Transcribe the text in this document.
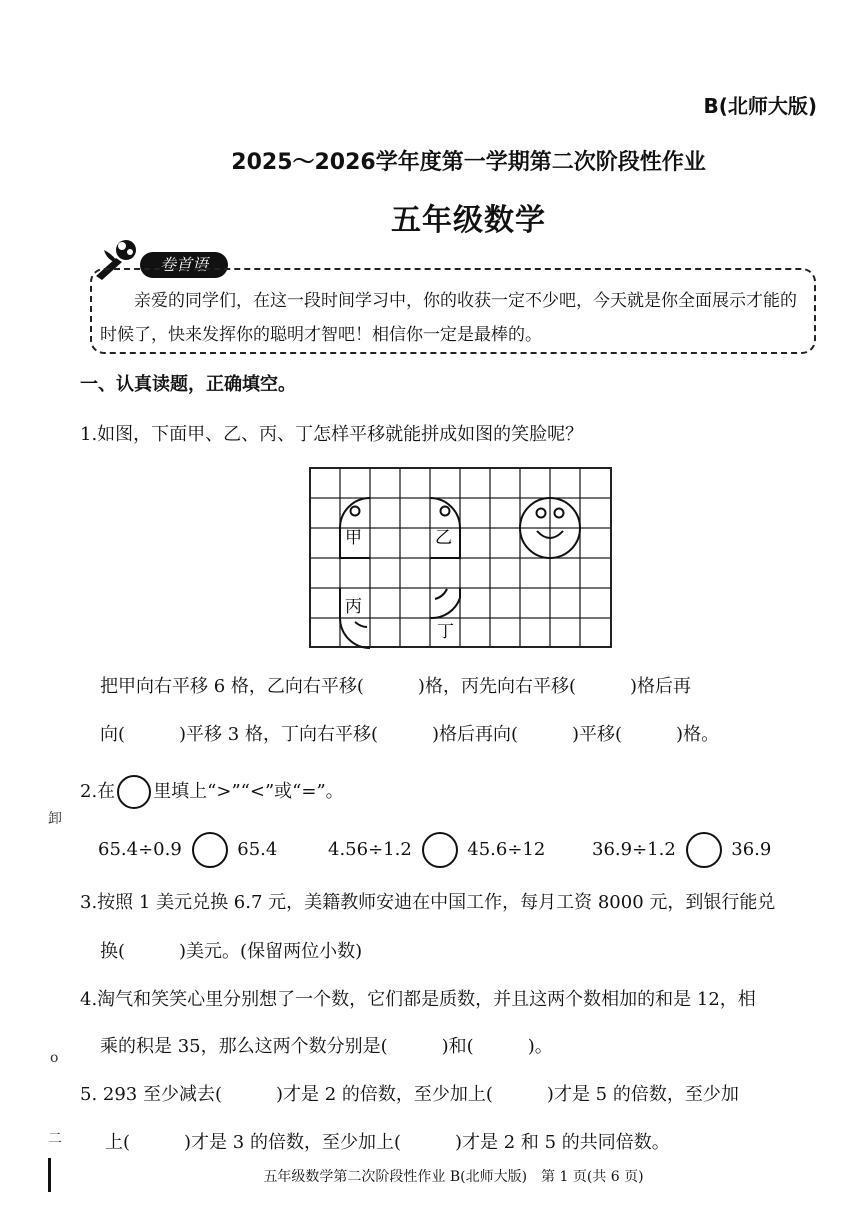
B(北师大版)
2025～2026学年度第一学期第二次阶段性作业
五年级数学
卷首语
亲爱的同学们，在这一段时间学习中，你的收获一定不少吧，今天就是你全面展示才能的时候了，快来发挥你的聪明才智吧！相信你一定是最棒的。
一、认真读题，正确填空。
1.如图，下面甲、乙、丙、丁怎样平移就能拼成如图的笑脸呢？
甲	乙
丙
丁
把甲向右平移 6 格，乙向右平移(　　　)格，丙先向右平移(　　　)格后再
向(　　　)平移 3 格，丁向右平移(　　　)格后再向(　　　)平移(　　　)格。
2.在 里填上“>”“<”或“=”。
65.4÷0.9	65.4	4.56÷1.2	45.6÷12	36.9÷1.2	36.9
3.按照 1 美元兑换 6.7 元，美籍教师安迪在中国工作，每月工资 8000 元，到银行能兑
换(　　　)美元。(保留两位小数)
4.淘气和笑笑心里分别想了一个数，它们都是质数，并且这两个数相加的和是 12，相
乘的积是 35，那么这两个数分别是(　　　)和(　　　)。
5. 293 至少减去(　　　)才是 2 的倍数，至少加上(　　　)才是 5 的倍数，至少加
上(　　　)才是 3 的倍数，至少加上(　　　)才是 2 和 5 的共同倍数。
卸
o
二
五年级数学第二次阶段性作业 B(北师大版)　第 1 页(共 6 页)
